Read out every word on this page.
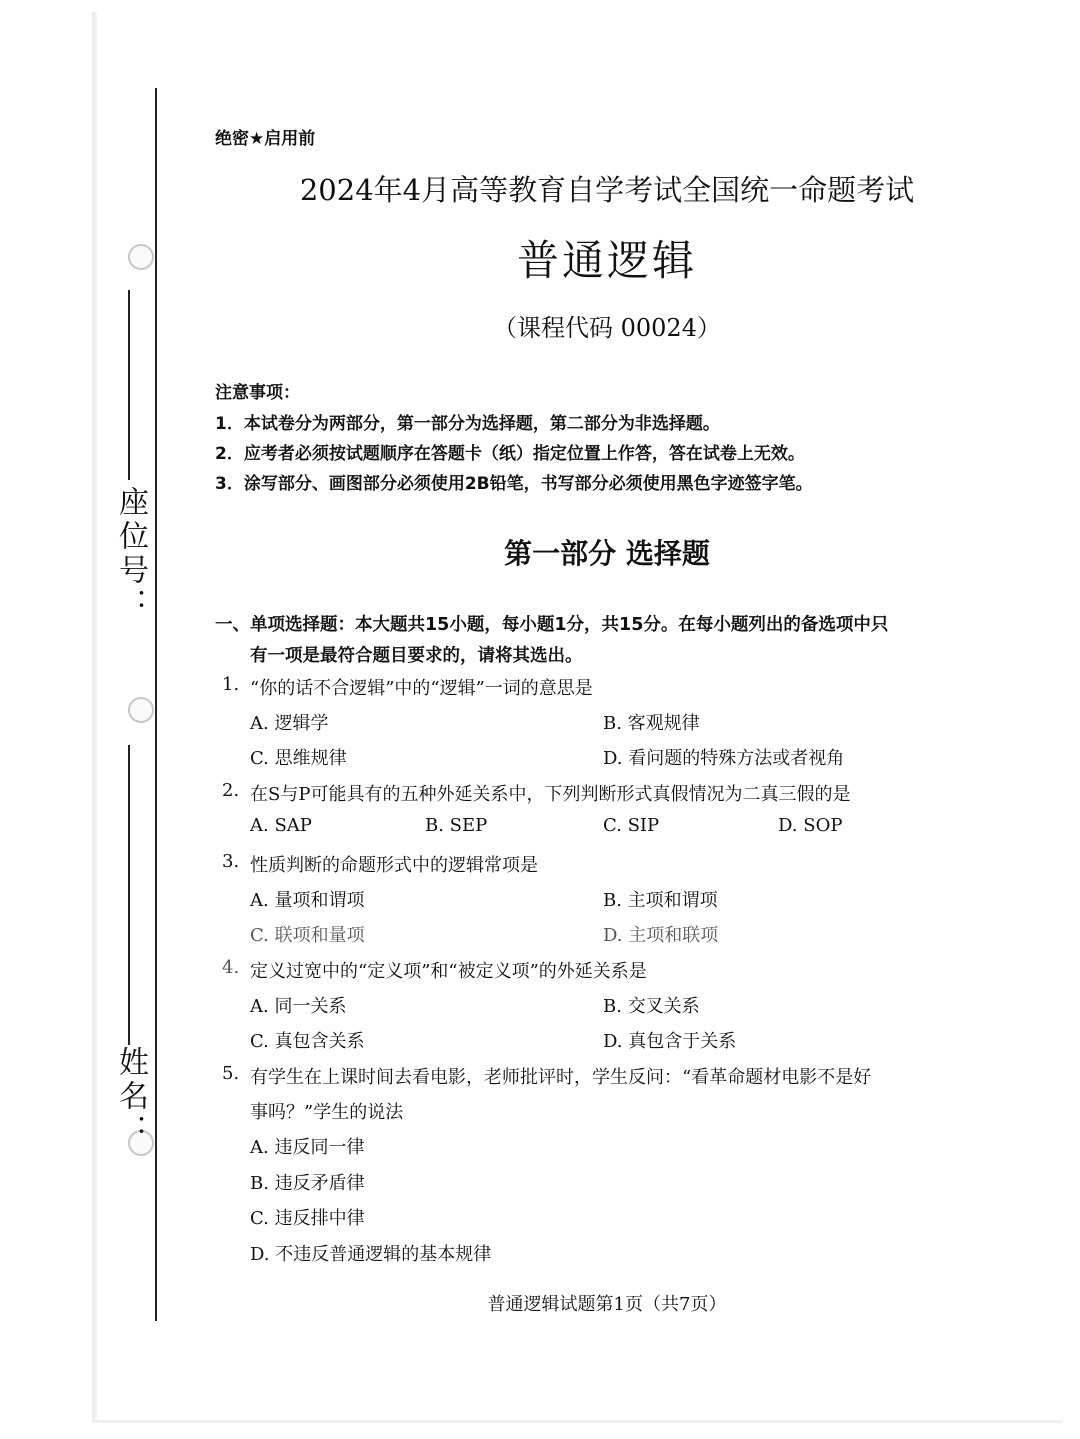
座位号：
姓名：
绝密★启用前
2024年4月高等教育自学考试全国统一命题考试
普通逻辑
（课程代码 00024）
注意事项：
1．本试卷分为两部分，第一部分为选择题，第二部分为非选择题。
2．应考者必须按试题顺序在答题卡（纸）指定位置上作答，答在试卷上无效。
3．涂写部分、画图部分必须使用2B铅笔，书写部分必须使用黑色字迹签字笔。
第一部分 选择题
一、单项选择题：本大题共15小题，每小题1分，共15分。在每小题列出的备选项中只
有一项是最符合题目要求的，请将其选出。
1. “你的话不合逻辑”中的“逻辑”一词的意思是
A. 逻辑学	B. 客观规律
C. 思维规律	D. 看问题的特殊方法或者视角
2. 在S与P可能具有的五种外延关系中，下列判断形式真假情况为二真三假的是
A. SAP	B. SEP	C. SIP	D. SOP
3. 性质判断的命题形式中的逻辑常项是
A. 量项和谓项	B. 主项和谓项
C. 联项和量项	D. 主项和联项
4. 定义过宽中的“定义项”和“被定义项”的外延关系是
A. 同一关系	B. 交叉关系
C. 真包含关系	D. 真包含于关系
5. 有学生在上课时间去看电影，老师批评时，学生反问：“看革命题材电影不是好
事吗？”学生的说法
A. 违反同一律
B. 违反矛盾律
C. 违反排中律
D. 不违反普通逻辑的基本规律
普通逻辑试题第1页（共7页）
